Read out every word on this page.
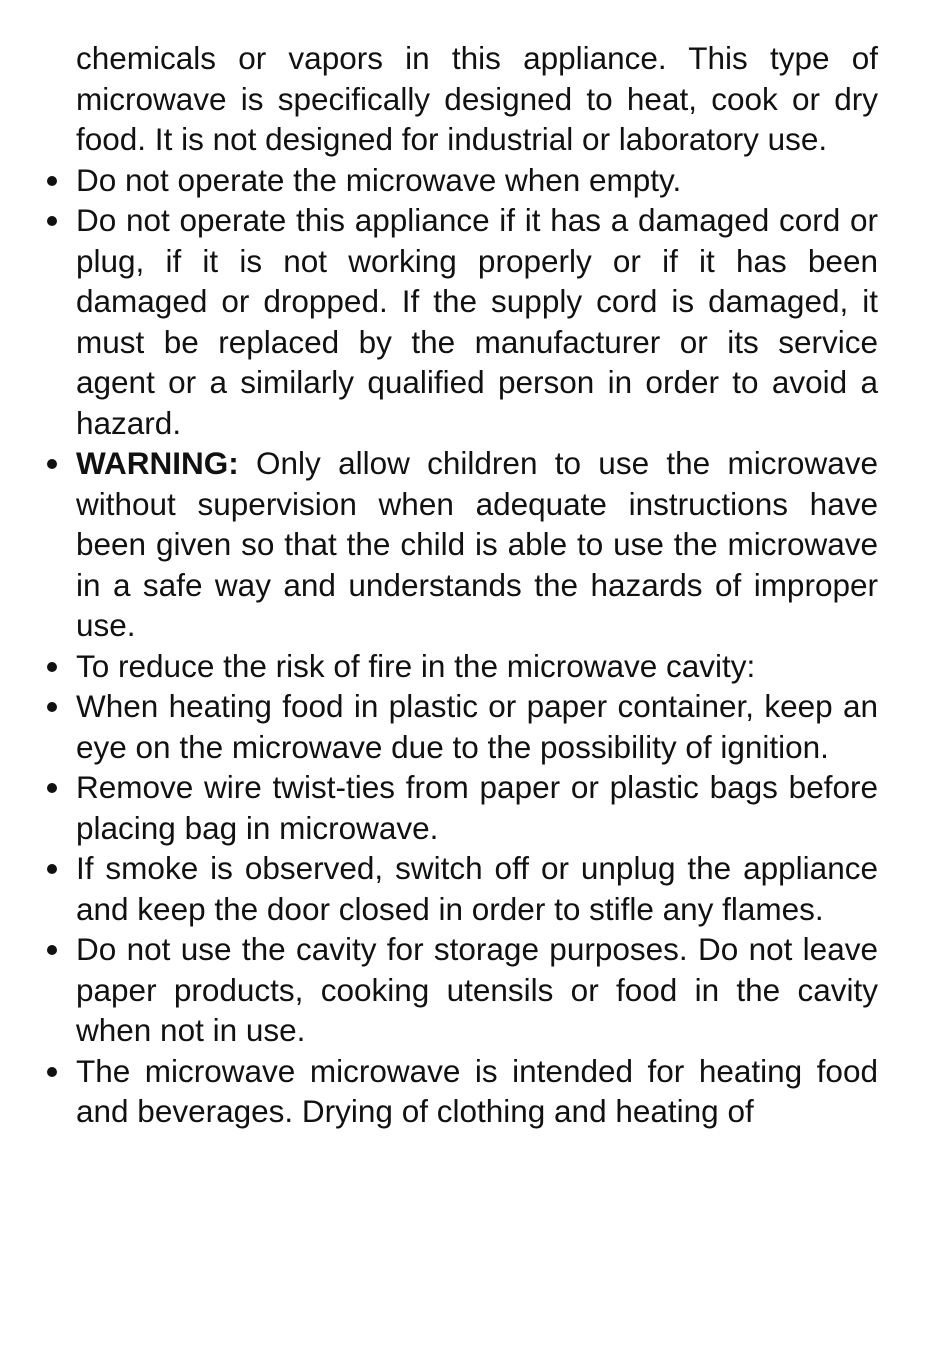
chemicals or vapors in this appliance. This type of microwave is specifically designed to heat, cook or dry food. It is not designed for industrial or laboratory use.

Do not operate the microwave when empty.
Do not operate this appliance if it has a damaged cord or plug, if it is not working properly or if it has been damaged or dropped. If the supply cord is damaged, it must be replaced by the manufacturer or its service agent or a similarly qualified person in order to avoid a hazard.
WARNING: Only allow children to use the microwave without supervision when adequate instructions have been given so that the child is able to use the microwave in a safe way and understands the hazards of improper use.
To reduce the risk of fire in the microwave cavity:
When heating food in plastic or paper container, keep an eye on the microwave due to the possibility of ignition.
Remove wire twist-ties from paper or plastic bags before placing bag in microwave.
If smoke is observed, switch off or unplug the appliance and keep the door closed in order to stifle any flames.
Do not use the cavity for storage purposes. Do not leave paper products, cooking utensils or food in the cavity when not in use.
The microwave microwave is intended for heating food and beverages. Drying of clothing and heating of
